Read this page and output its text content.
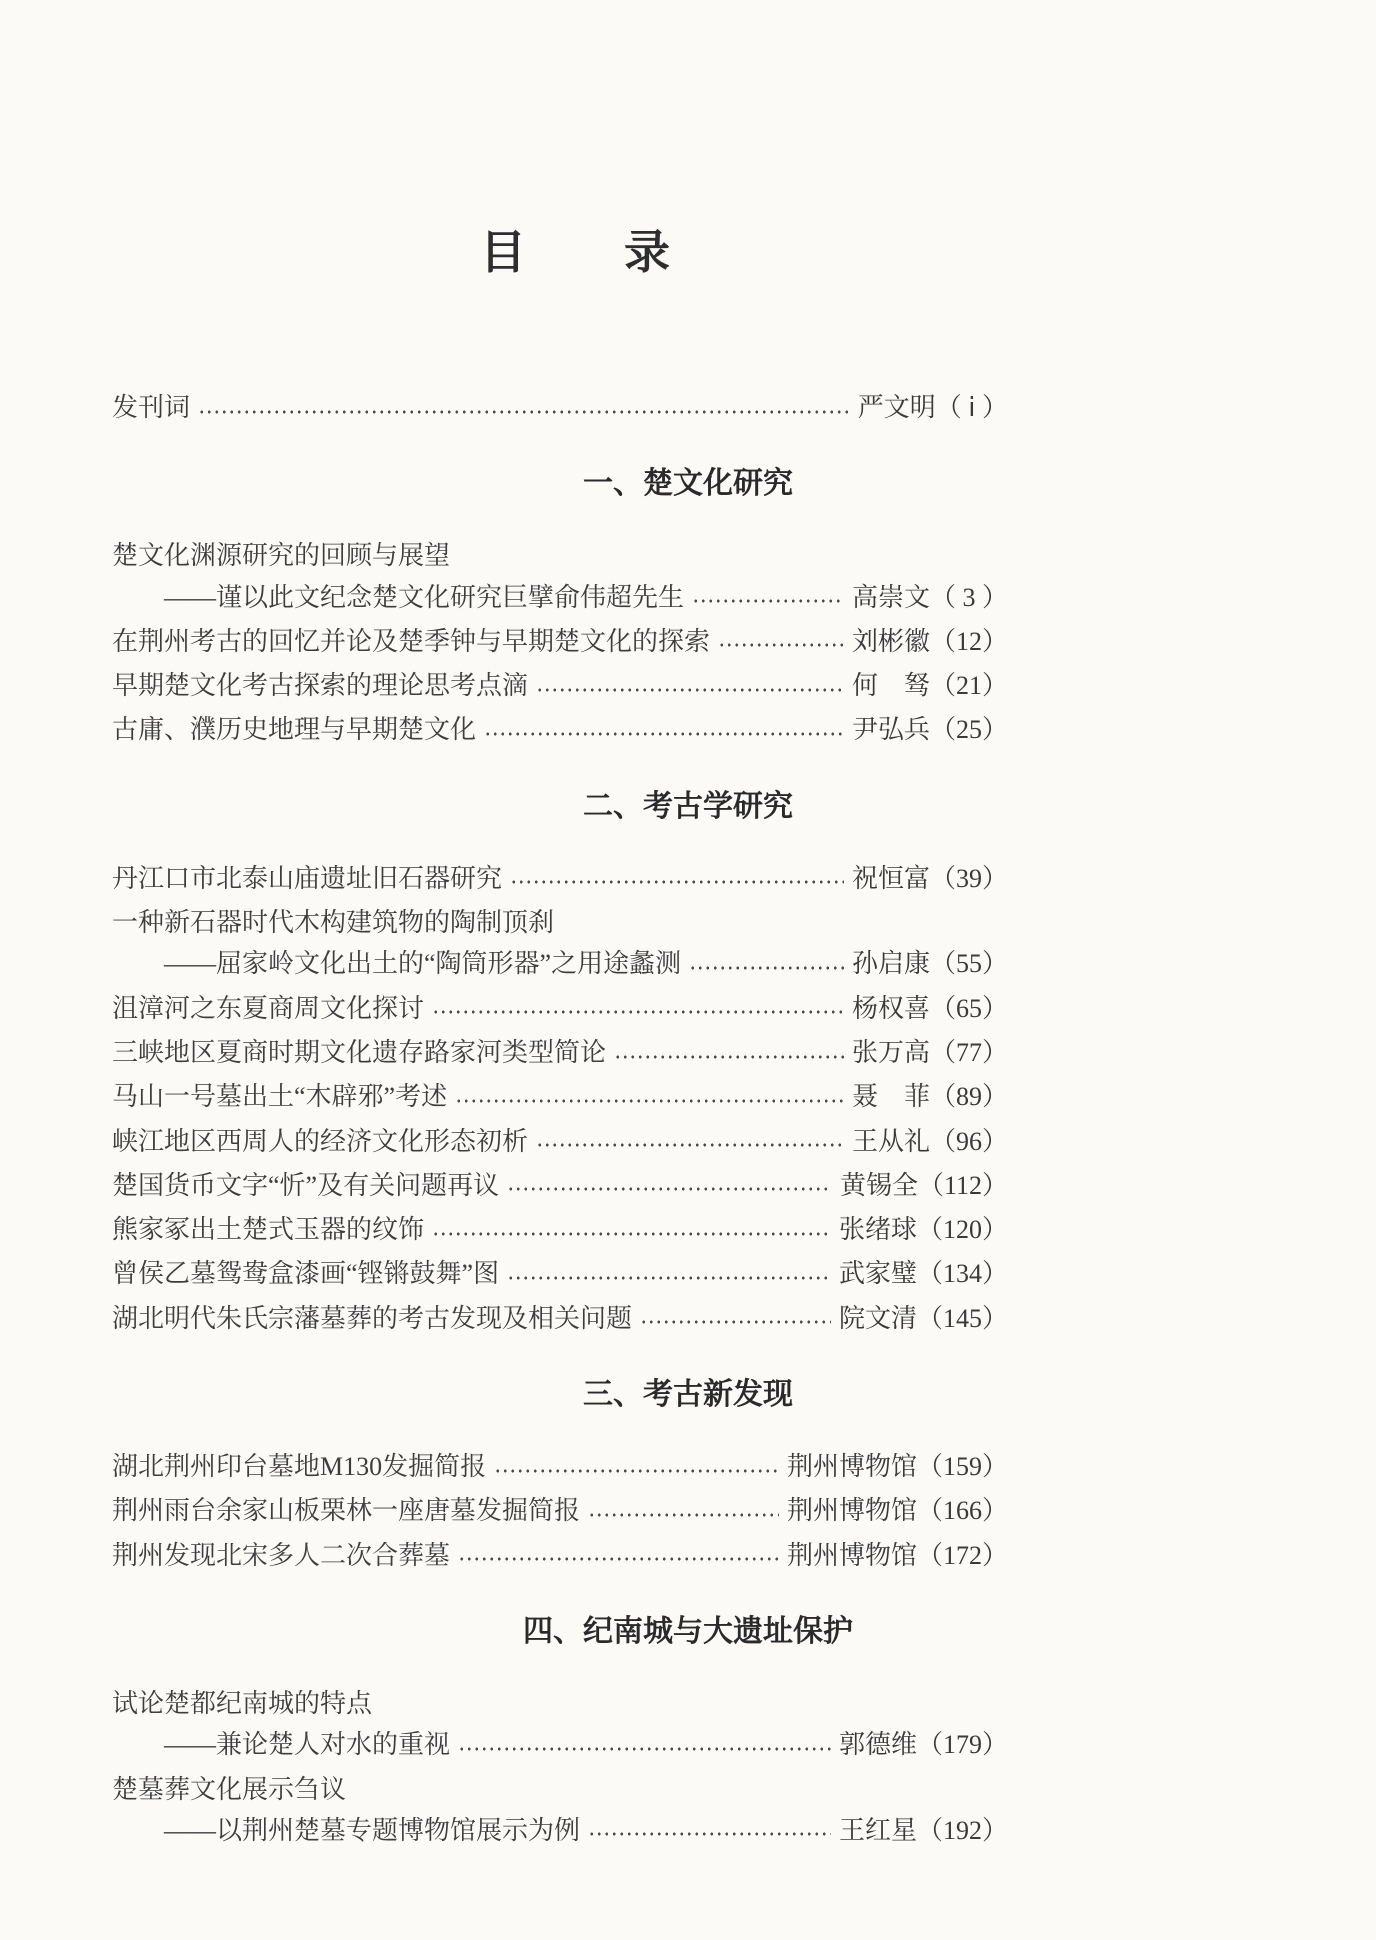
目　　录
发刊词	严文明（ ⅰ ）
一、楚文化研究
楚文化渊源研究的回顾与展望
——谨以此文纪念楚文化研究巨擘俞伟超先生	高崇文（ 3 ）
在荆州考古的回忆并论及楚季钟与早期楚文化的探索	刘彬徽（12）
早期楚文化考古探索的理论思考点滴	何　驽（21）
古庸、濮历史地理与早期楚文化	尹弘兵（25）
二、考古学研究
丹江口市北泰山庙遗址旧石器研究	祝恒富（39）
一种新石器时代木构建筑物的陶制顶刹
——屈家岭文化出土的“陶筒形器”之用途蠡测	孙启康（55）
沮漳河之东夏商周文化探讨	杨权喜（65）
三峡地区夏商时期文化遗存路家河类型简论	张万高（77）
马山一号墓出土“木辟邪”考述	聂　菲（89）
峡江地区西周人的经济文化形态初析	王从礼（96）
楚国货币文字“忻”及有关问题再议	黄锡全（112）
熊家冢出土楚式玉器的纹饰	张绪球（120）
曾侯乙墓鸳鸯盒漆画“铿锵鼓舞”图	武家璧（134）
湖北明代朱氏宗藩墓葬的考古发现及相关问题	院文清（145）
三、考古新发现
湖北荆州印台墓地M130发掘简报	荆州博物馆（159）
荆州雨台余家山板栗林一座唐墓发掘简报	荆州博物馆（166）
荆州发现北宋多人二次合葬墓	荆州博物馆（172）
四、纪南城与大遗址保护
试论楚都纪南城的特点
——兼论楚人对水的重视	郭德维（179）
楚墓葬文化展示刍议
——以荆州楚墓专题博物馆展示为例	王红星（192）
